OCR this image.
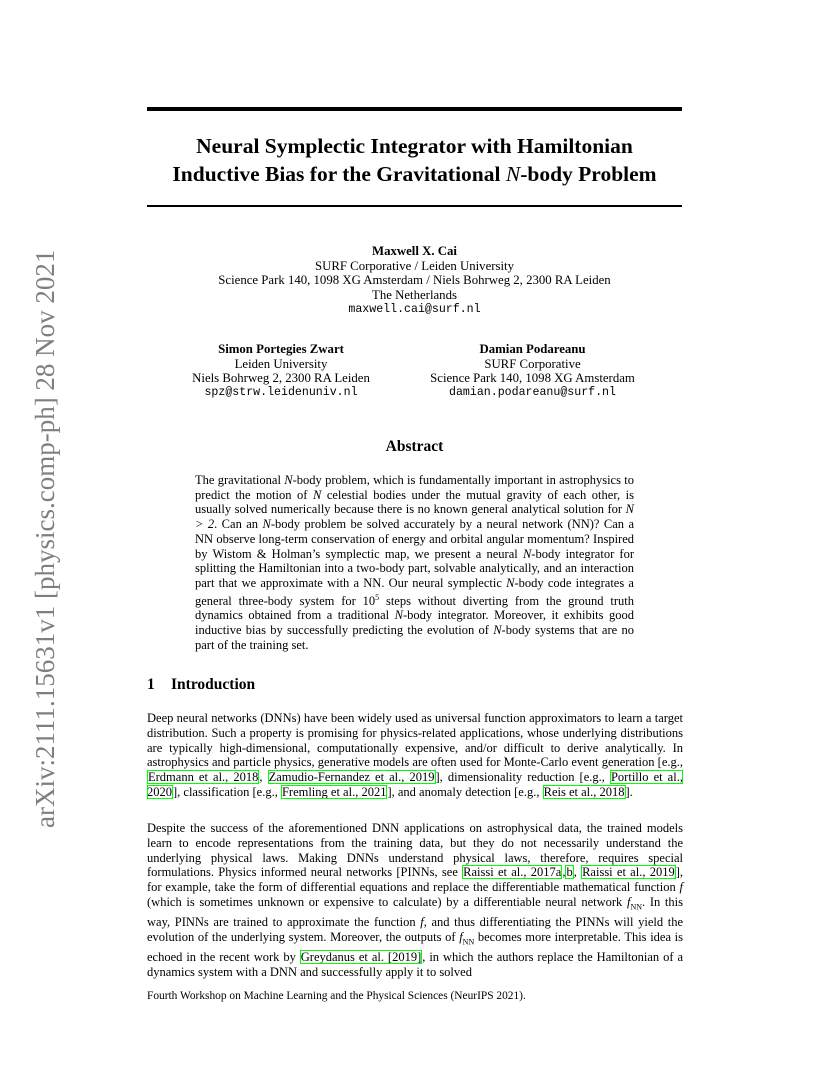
arXiv:2111.15631v1 [physics.comp-ph] 28 Nov 2021
Neural Symplectic Integrator with Hamiltonian
Inductive Bias for the Gravitational N-body Problem
Maxwell X. Cai
SURF Corporative / Leiden University
Science Park 140, 1098 XG Amsterdam / Niels Bohrweg 2, 2300 RA Leiden
The Netherlands
maxwell.cai@surf.nl
Simon Portegies Zwart
Leiden University
Niels Bohrweg 2, 2300 RA Leiden
spz@strw.leidenuniv.nl
Damian Podareanu
SURF Corporative
Science Park 140, 1098 XG Amsterdam
damian.podareanu@surf.nl
Abstract
The gravitational N-body problem, which is fundamentally important in astrophysics to predict the motion of N celestial bodies under the mutual gravity of each other, is usually solved numerically because there is no known general analytical solution for N > 2. Can an N-body problem be solved accurately by a neural network (NN)? Can a NN observe long-term conservation of energy and orbital angular momentum? Inspired by Wistom & Holman’s symplectic map, we present a neural N-body integrator for splitting the Hamiltonian into a two-body part, solvable analytically, and an interaction part that we approximate with a NN. Our neural symplectic N-body code integrates a general three-body system for $10^5$ steps without diverting from the ground truth dynamics obtained from a traditional N-body integrator. Moreover, it exhibits good inductive bias by successfully predicting the evolution of N-body systems that are no part of the training set.
1 Introduction
Deep neural networks (DNNs) have been widely used as universal function approximators to learn a target distribution. Such a property is promising for physics-related applications, whose underlying distributions are typically high-dimensional, computationally expensive, and/or difficult to derive analytically. In astrophysics and particle physics, generative models are often used for Monte-Carlo event generation [e.g., Erdmann et al., 2018, Zamudio-Fernandez et al., 2019], dimensionality reduction [e.g., Portillo et al., 2020], classification [e.g., Fremling et al., 2021], and anomaly detection [e.g., Reis et al., 2018].
Despite the success of the aforementioned DNN applications on astrophysical data, the trained models learn to encode representations from the training data, but they do not necessarily understand the underlying physical laws. Making DNNs understand physical laws, therefore, requires special formulations. Physics informed neural networks [PINNs, see Raissi et al., 2017a,b, Raissi et al., 2019], for example, take the form of differential equations and replace the differentiable mathematical function f (which is sometimes unknown or expensive to calculate) by a differentiable neural network $f_{NN}$. In this way, PINNs are trained to approximate the function f, and thus differentiating the PINNs will yield the evolution of the underlying system. Moreover, the outputs of $f_{NN}$ becomes more interpretable. This idea is echoed in the recent work by Greydanus et al. [2019], in which the authors replace the Hamiltonian of a dynamics system with a DNN and successfully apply it to solved
Fourth Workshop on Machine Learning and the Physical Sciences (NeurIPS 2021).
